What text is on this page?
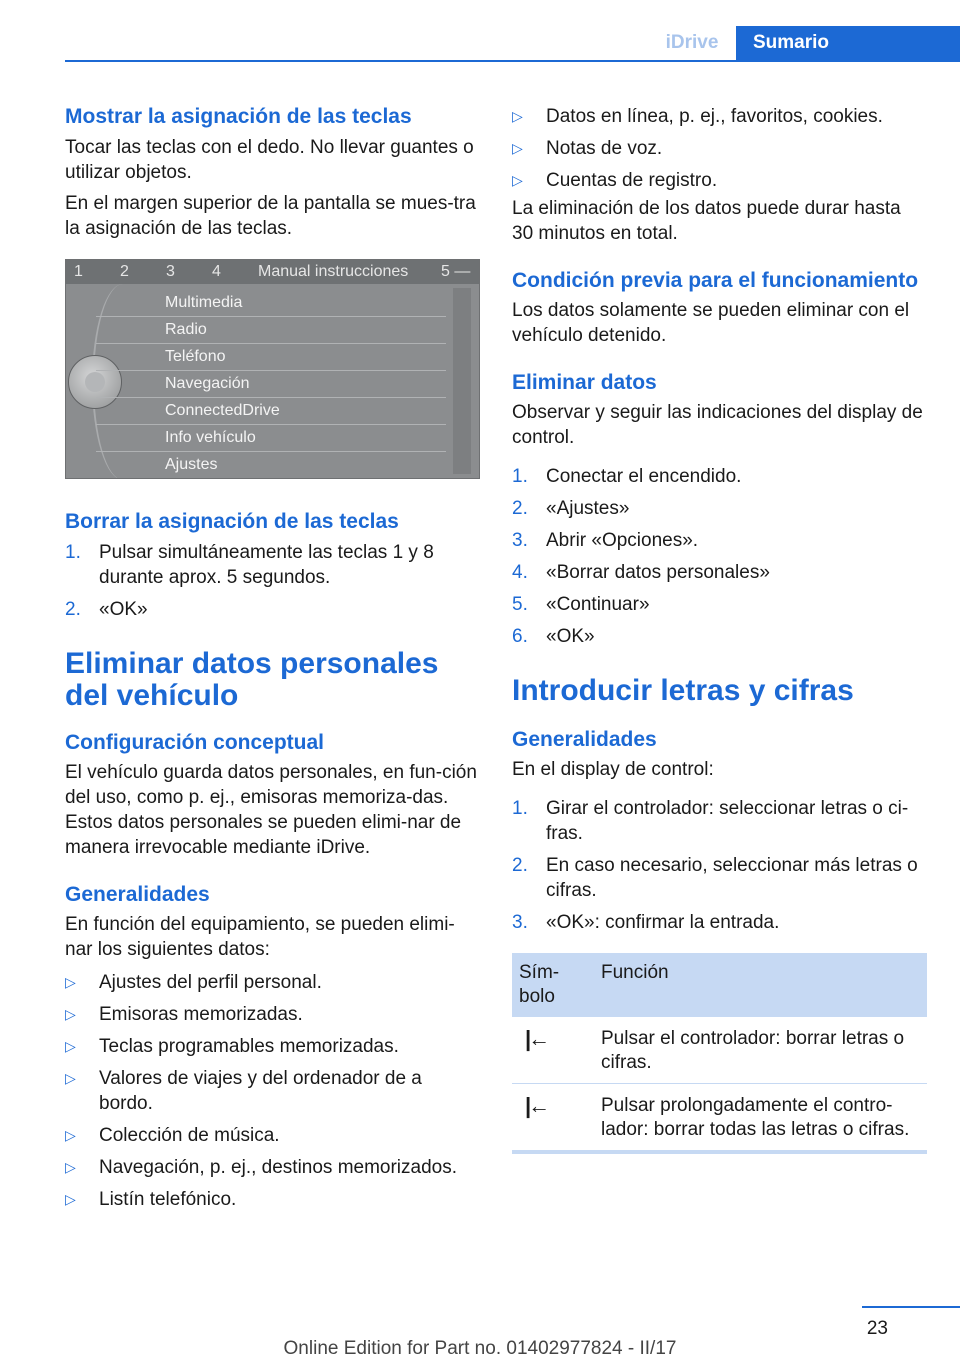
iDrive	Sumario
Mostrar la asignación de las teclas

Tocar las teclas con el dedo. No llevar guantes o utilizar objetos.

En el margen superior de la pantalla se mues‐tra la asignación de las teclas.

1 2 3 4 Manual instrucciones 5 —
Multimedia
Radio
Teléfono
Navegación
ConnectedDrive
Info vehículo
Ajustes
Borrar la asignación de las teclas
1. Pulsar simultáneamente las teclas 1 y 8 durante aprox. 5 segundos.
2. «OK»
Eliminar datos personales del vehículo
Configuración conceptual

El vehículo guarda datos personales, en fun‐ción del uso, como p. ej., emisoras memoriza‐das. Estos datos personales se pueden elimi‐nar de manera irrevocable mediante iDrive.

Generalidades

En función del equipamiento, se pueden elimi‐nar los siguientes datos:

▷ Ajustes del perfil personal.
▷ Emisoras memorizadas.
▷ Teclas programables memorizadas.
▷ Valores de viajes y del ordenador de a bordo.
▷ Colección de música.
▷ Navegación, p. ej., destinos memorizados.
▷ Listín telefónico.
▷ Datos en línea, p. ej., favoritos, cookies.
▷ Notas de voz.
▷ Cuentas de registro.

La eliminación de los datos puede durar hasta 30 minutos en total.

Condición previa para el funcionamiento

Los datos solamente se pueden eliminar con el vehículo detenido.

Eliminar datos

Observar y seguir las indicaciones del display de control.

1. Conectar el encendido.
2. «Ajustes»
3. Abrir «Opciones».
4. «Borrar datos personales»
5. «Continuar»
6. «OK»
Introducir letras y cifras
Generalidades

En el display de control:

1. Girar el controlador: seleccionar letras o ci‐fras.
2. En caso necesario, seleccionar más letras o cifras.
3. «OK»: confirmar la entrada.
Sím‐bolo	Función
|←	Pulsar el controlador: borrar letras o cifras.
|←	Pulsar prolongadamente el contro‐lador: borrar todas las letras o cifras.
23
Online Edition for Part no. 01402977824 - II/17
